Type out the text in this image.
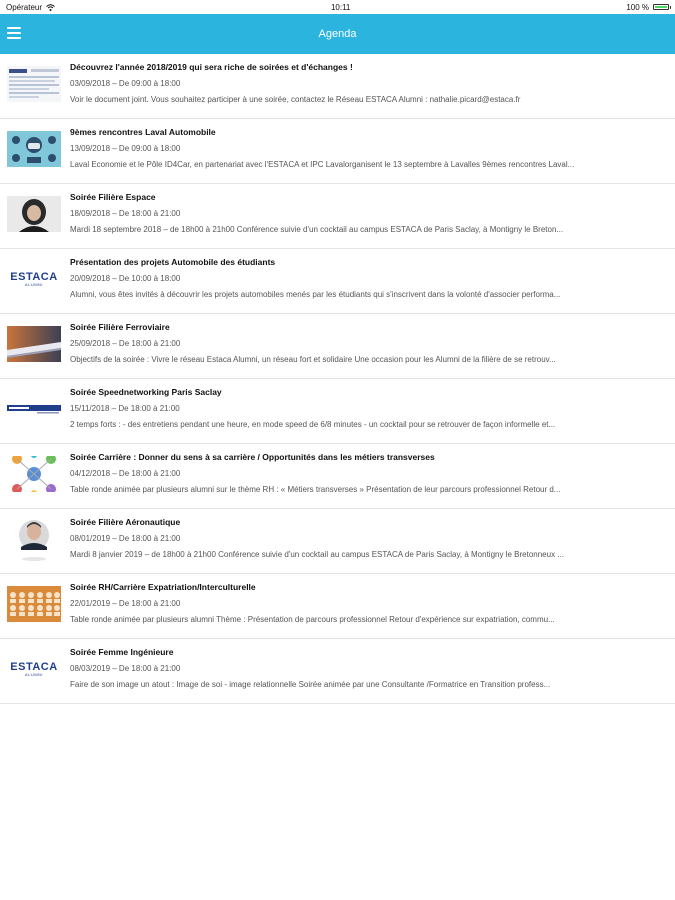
Opérateur	10:11	100 %
Agenda
Découvrez l'année 2018/2019 qui sera riche de soirées et d'échanges !
03/09/2018 – De 09:00 à 18:00
Voir le document joint. Vous souhaitez participer à une soirée, contactez le Réseau ESTACA Alumni : nathalie.picard@estaca.fr
9èmes rencontres Laval Automobile
13/09/2018 – De 09:00 à 18:00
Laval Economie et le Pôle ID4Car, en partenariat avec l'ESTACA et IPC Lavalorganisent le 13 septembre à Lavalles 9èmes rencontres Laval...
Soirée Filière Espace
18/09/2018 – De 18:00 à 21:00
Mardi 18 septembre 2018 – de 18h00 à 21h00 Conférence suivie d'un cocktail au campus ESTACA de Paris Saclay, à Montigny le Breton...
ESTACA
ALUMNI
Présentation des projets Automobile des étudiants
20/09/2018 – De 10:00 à 18:00
Alumni, vous êtes invités à découvrir les projets automobiles menés par les étudiants qui s'inscrivent dans la volonté d'associer performa...
Soirée Filière Ferroviaire
25/09/2018 – De 18:00 à 21:00
Objectifs de la soirée : Vivre le réseau Estaca Alumni, un réseau fort et solidaire Une occasion pour les Alumni de la filière de se retrouv...
Soirée Speednetworking Paris Saclay
15/11/2018 – De 18:00 à 21:00
2 temps forts : - des entretiens pendant une heure, en mode speed de 6/8 minutes - un cocktail pour se retrouver de façon informelle et...
Soirée Carrière : Donner du sens à sa carrière / Opportunités dans les métiers transverses
04/12/2018 – De 18:00 à 21:00
Table ronde animée par plusieurs alumni sur le thème RH : « Métiers transverses » Présentation de leur parcours professionnel Retour d...
Soirée Filière Aéronautique
08/01/2019 – De 18:00 à 21:00
Mardi 8 janvier 2019 – de 18h00 à 21h00 Conférence suivie d'un cocktail au campus ESTACA de Paris Saclay, à Montigny le Bretonneux ...
Soirée RH/Carrière Expatriation/Interculturelle
22/01/2019 – De 18:00 à 21:00
Table ronde animée par plusieurs alumni Thème : Présentation de parcours professionnel Retour d'expérience sur expatriation, commu...
ESTACA
ALUMNI
Soirée Femme Ingénieure
08/03/2019 – De 18:00 à 21:00
Faire de son image un atout : Image de soi - image relationnelle Soirée animée par une Consultante /Formatrice en Transition profess...
